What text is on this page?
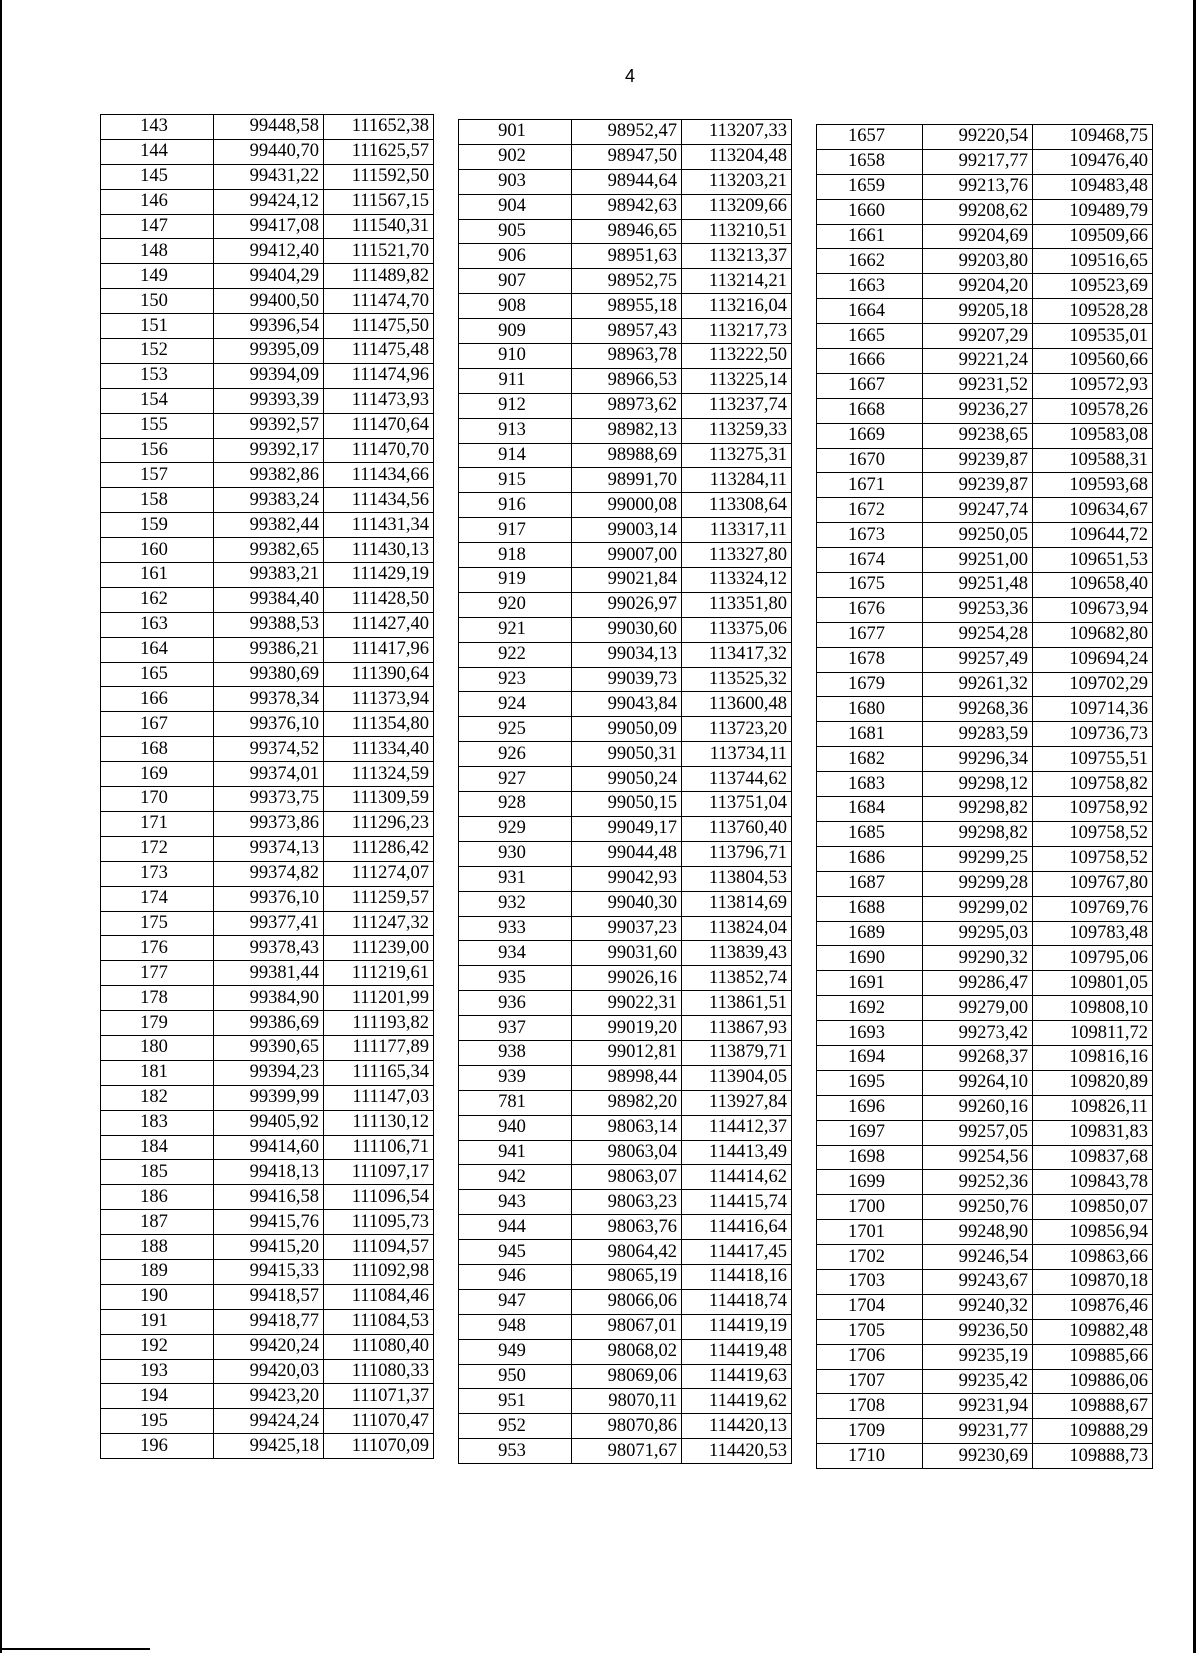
4
143	99448,58	111652,38
144	99440,70	111625,57
145	99431,22	111592,50
146	99424,12	111567,15
147	99417,08	111540,31
148	99412,40	111521,70
149	99404,29	111489,82
150	99400,50	111474,70
151	99396,54	111475,50
152	99395,09	111475,48
153	99394,09	111474,96
154	99393,39	111473,93
155	99392,57	111470,64
156	99392,17	111470,70
157	99382,86	111434,66
158	99383,24	111434,56
159	99382,44	111431,34
160	99382,65	111430,13
161	99383,21	111429,19
162	99384,40	111428,50
163	99388,53	111427,40
164	99386,21	111417,96
165	99380,69	111390,64
166	99378,34	111373,94
167	99376,10	111354,80
168	99374,52	111334,40
169	99374,01	111324,59
170	99373,75	111309,59
171	99373,86	111296,23
172	99374,13	111286,42
173	99374,82	111274,07
174	99376,10	111259,57
175	99377,41	111247,32
176	99378,43	111239,00
177	99381,44	111219,61
178	99384,90	111201,99
179	99386,69	111193,82
180	99390,65	111177,89
181	99394,23	111165,34
182	99399,99	111147,03
183	99405,92	111130,12
184	99414,60	111106,71
185	99418,13	111097,17
186	99416,58	111096,54
187	99415,76	111095,73
188	99415,20	111094,57
189	99415,33	111092,98
190	99418,57	111084,46
191	99418,77	111084,53
192	99420,24	111080,40
193	99420,03	111080,33
194	99423,20	111071,37
195	99424,24	111070,47
196	99425,18	111070,09
901	98952,47	113207,33
902	98947,50	113204,48
903	98944,64	113203,21
904	98942,63	113209,66
905	98946,65	113210,51
906	98951,63	113213,37
907	98952,75	113214,21
908	98955,18	113216,04
909	98957,43	113217,73
910	98963,78	113222,50
911	98966,53	113225,14
912	98973,62	113237,74
913	98982,13	113259,33
914	98988,69	113275,31
915	98991,70	113284,11
916	99000,08	113308,64
917	99003,14	113317,11
918	99007,00	113327,80
919	99021,84	113324,12
920	99026,97	113351,80
921	99030,60	113375,06
922	99034,13	113417,32
923	99039,73	113525,32
924	99043,84	113600,48
925	99050,09	113723,20
926	99050,31	113734,11
927	99050,24	113744,62
928	99050,15	113751,04
929	99049,17	113760,40
930	99044,48	113796,71
931	99042,93	113804,53
932	99040,30	113814,69
933	99037,23	113824,04
934	99031,60	113839,43
935	99026,16	113852,74
936	99022,31	113861,51
937	99019,20	113867,93
938	99012,81	113879,71
939	98998,44	113904,05
781	98982,20	113927,84
940	98063,14	114412,37
941	98063,04	114413,49
942	98063,07	114414,62
943	98063,23	114415,74
944	98063,76	114416,64
945	98064,42	114417,45
946	98065,19	114418,16
947	98066,06	114418,74
948	98067,01	114419,19
949	98068,02	114419,48
950	98069,06	114419,63
951	98070,11	114419,62
952	98070,86	114420,13
953	98071,67	114420,53
1657	99220,54	109468,75
1658	99217,77	109476,40
1659	99213,76	109483,48
1660	99208,62	109489,79
1661	99204,69	109509,66
1662	99203,80	109516,65
1663	99204,20	109523,69
1664	99205,18	109528,28
1665	99207,29	109535,01
1666	99221,24	109560,66
1667	99231,52	109572,93
1668	99236,27	109578,26
1669	99238,65	109583,08
1670	99239,87	109588,31
1671	99239,87	109593,68
1672	99247,74	109634,67
1673	99250,05	109644,72
1674	99251,00	109651,53
1675	99251,48	109658,40
1676	99253,36	109673,94
1677	99254,28	109682,80
1678	99257,49	109694,24
1679	99261,32	109702,29
1680	99268,36	109714,36
1681	99283,59	109736,73
1682	99296,34	109755,51
1683	99298,12	109758,82
1684	99298,82	109758,92
1685	99298,82	109758,52
1686	99299,25	109758,52
1687	99299,28	109767,80
1688	99299,02	109769,76
1689	99295,03	109783,48
1690	99290,32	109795,06
1691	99286,47	109801,05
1692	99279,00	109808,10
1693	99273,42	109811,72
1694	99268,37	109816,16
1695	99264,10	109820,89
1696	99260,16	109826,11
1697	99257,05	109831,83
1698	99254,56	109837,68
1699	99252,36	109843,78
1700	99250,76	109850,07
1701	99248,90	109856,94
1702	99246,54	109863,66
1703	99243,67	109870,18
1704	99240,32	109876,46
1705	99236,50	109882,48
1706	99235,19	109885,66
1707	99235,42	109886,06
1708	99231,94	109888,67
1709	99231,77	109888,29
1710	99230,69	109888,73
